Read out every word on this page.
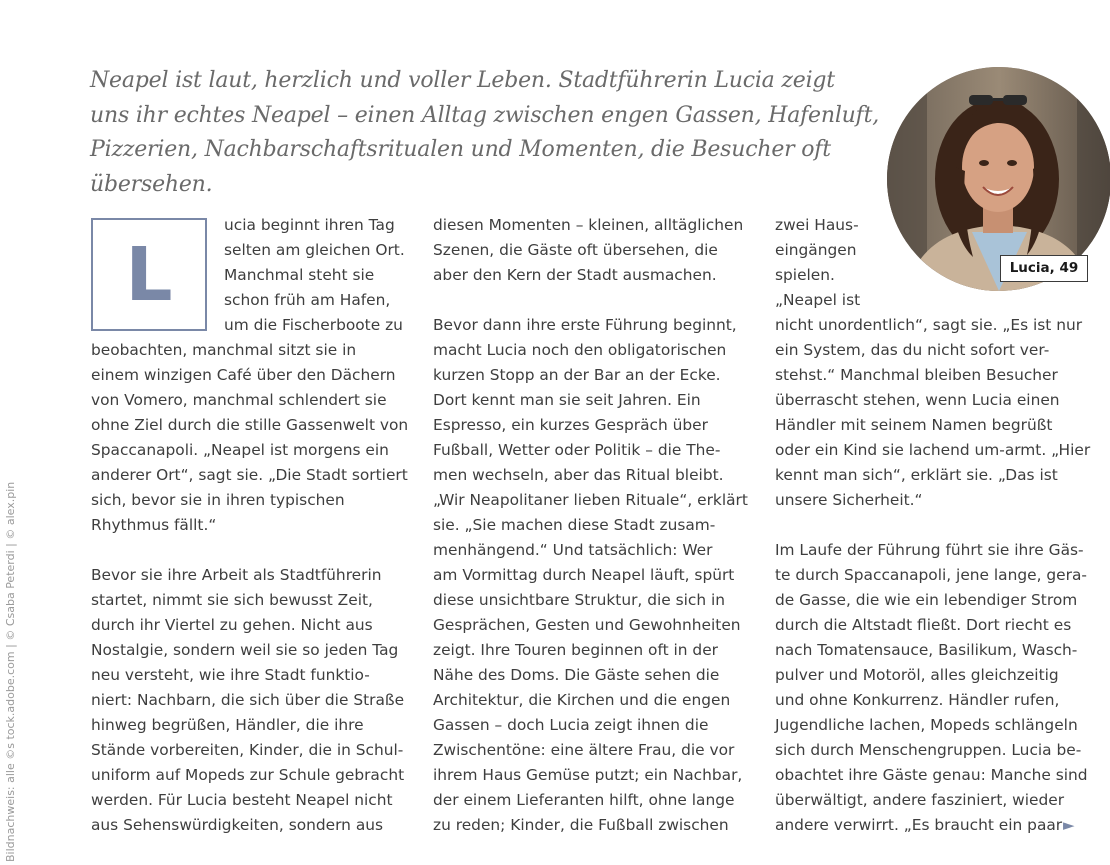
Neapel ist laut, herzlich und voller Leben. Stadtführerin Lucia zeigt uns ihr echtes Neapel – einen Alltag zwischen engen Gassen, Hafenluft, Pizzerien, Nachbarschaftsritualen und Momenten, die Besucher oft übersehen.

Bildnachweis: alle ©s tock.adobe.com | © Csaba Peterdi | © alex.pin
Lucia, 49
L
ucia beginnt ihren Tag
selten am gleichen Ort.
Manchmal steht sie
schon früh am Hafen,
um die Fischerboote zu
beobachten, manchmal sitzt sie in
einem winzigen Café über den Dächern
von Vomero, manchmal schlendert sie
ohne Ziel durch die stille Gassenwelt von
Spaccanapoli. „Neapel ist morgens ein
anderer Ort“, sagt sie. „Die Stadt sortiert
sich, bevor sie in ihren typischen
Rhythmus fällt.“
Bevor sie ihre Arbeit als Stadtführerin
startet, nimmt sie sich bewusst Zeit,
durch ihr Viertel zu gehen. Nicht aus
Nostalgie, sondern weil sie so jeden Tag
neu versteht, wie ihre Stadt funktio-
niert: Nachbarn, die sich über die Straße
hinweg begrüßen, Händler, die ihre
Stände vorbereiten, Kinder, die in Schul-
uniform auf Mopeds zur Schule gebracht
werden. Für Lucia besteht Neapel nicht
aus Sehenswürdigkeiten, sondern aus
diesen Momenten – kleinen, alltäglichen
Szenen, die Gäste oft übersehen, die
aber den Kern der Stadt ausmachen.
Bevor dann ihre erste Führung beginnt,
macht Lucia noch den obligatorischen
kurzen Stopp an der Bar an der Ecke.
Dort kennt man sie seit Jahren. Ein
Espresso, ein kurzes Gespräch über
Fußball, Wetter oder Politik – die The-
men wechseln, aber das Ritual bleibt.
„Wir Neapolitaner lieben Rituale“, erklärt
sie. „Sie machen diese Stadt zusam-
menhängend.“ Und tatsächlich: Wer
am Vormittag durch Neapel läuft, spürt
diese unsichtbare Struktur, die sich in
Gesprächen, Gesten und Gewohnheiten
zeigt. Ihre Touren beginnen oft in der
Nähe des Doms. Die Gäste sehen die
Architektur, die Kirchen und die engen
Gassen – doch Lucia zeigt ihnen die
Zwischentöne: eine ältere Frau, die vor
ihrem Haus Gemüse putzt; ein Nachbar,
der einem Lieferanten hilft, ohne lange
zu reden; Kinder, die Fußball zwischen
zwei Haus-
eingängen
spielen.
„Neapel ist
nicht unordentlich“, sagt sie. „Es ist nur
ein System, das du nicht sofort ver-
stehst.“ Manchmal bleiben Besucher
überrascht stehen, wenn Lucia einen
Händler mit seinem Namen begrüßt
oder ein Kind sie lachend um-armt. „Hier
kennt man sich“, erklärt sie. „Das ist
unsere Sicherheit.“
Im Laufe der Führung führt sie ihre Gäs-
te durch Spaccanapoli, jene lange, gera-
de Gasse, die wie ein lebendiger Strom
durch die Altstadt fließt. Dort riecht es
nach Tomatensauce, Basilikum, Wasch-
pulver und Motoröl, alles gleichzeitig
und ohne Konkurrenz. Händler rufen,
Jugendliche lachen, Mopeds schlängeln
sich durch Menschengruppen. Lucia be-
obachtet ihre Gäste genau: Manche sind
überwältigt, andere fasziniert, wieder
andere verwirrt. „Es braucht ein paar ►
